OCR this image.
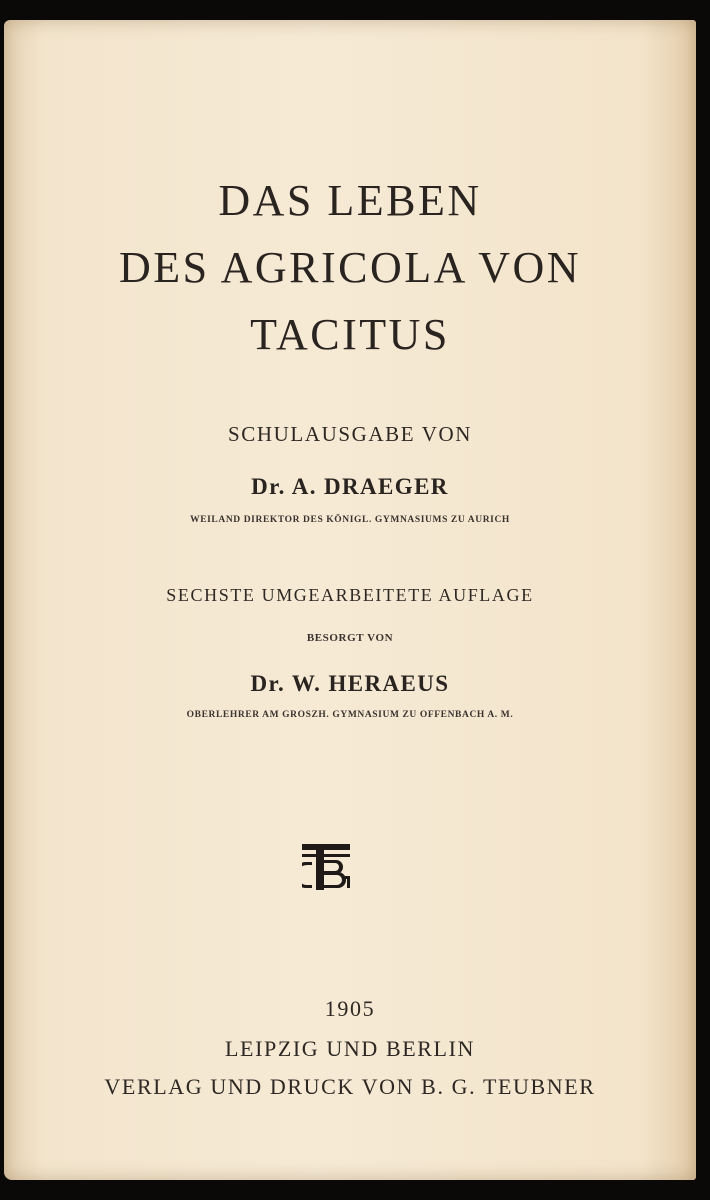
DAS LEBEN
DES AGRICOLA VON
TACITUS
SCHULAUSGABE VON
Dr. A. DRAEGER
WEILAND DIREKTOR DES KÖNIGL. GYMNASIUMS ZU AURICH
SECHSTE UMGEARBEITETE AUFLAGE
BESORGT VON
Dr. W. HERAEUS
OBERLEHRER AM GROSZH. GYMNASIUM ZU OFFENBACH A. M.
1905
LEIPZIG UND BERLIN
VERLAG UND DRUCK VON B. G. TEUBNER
